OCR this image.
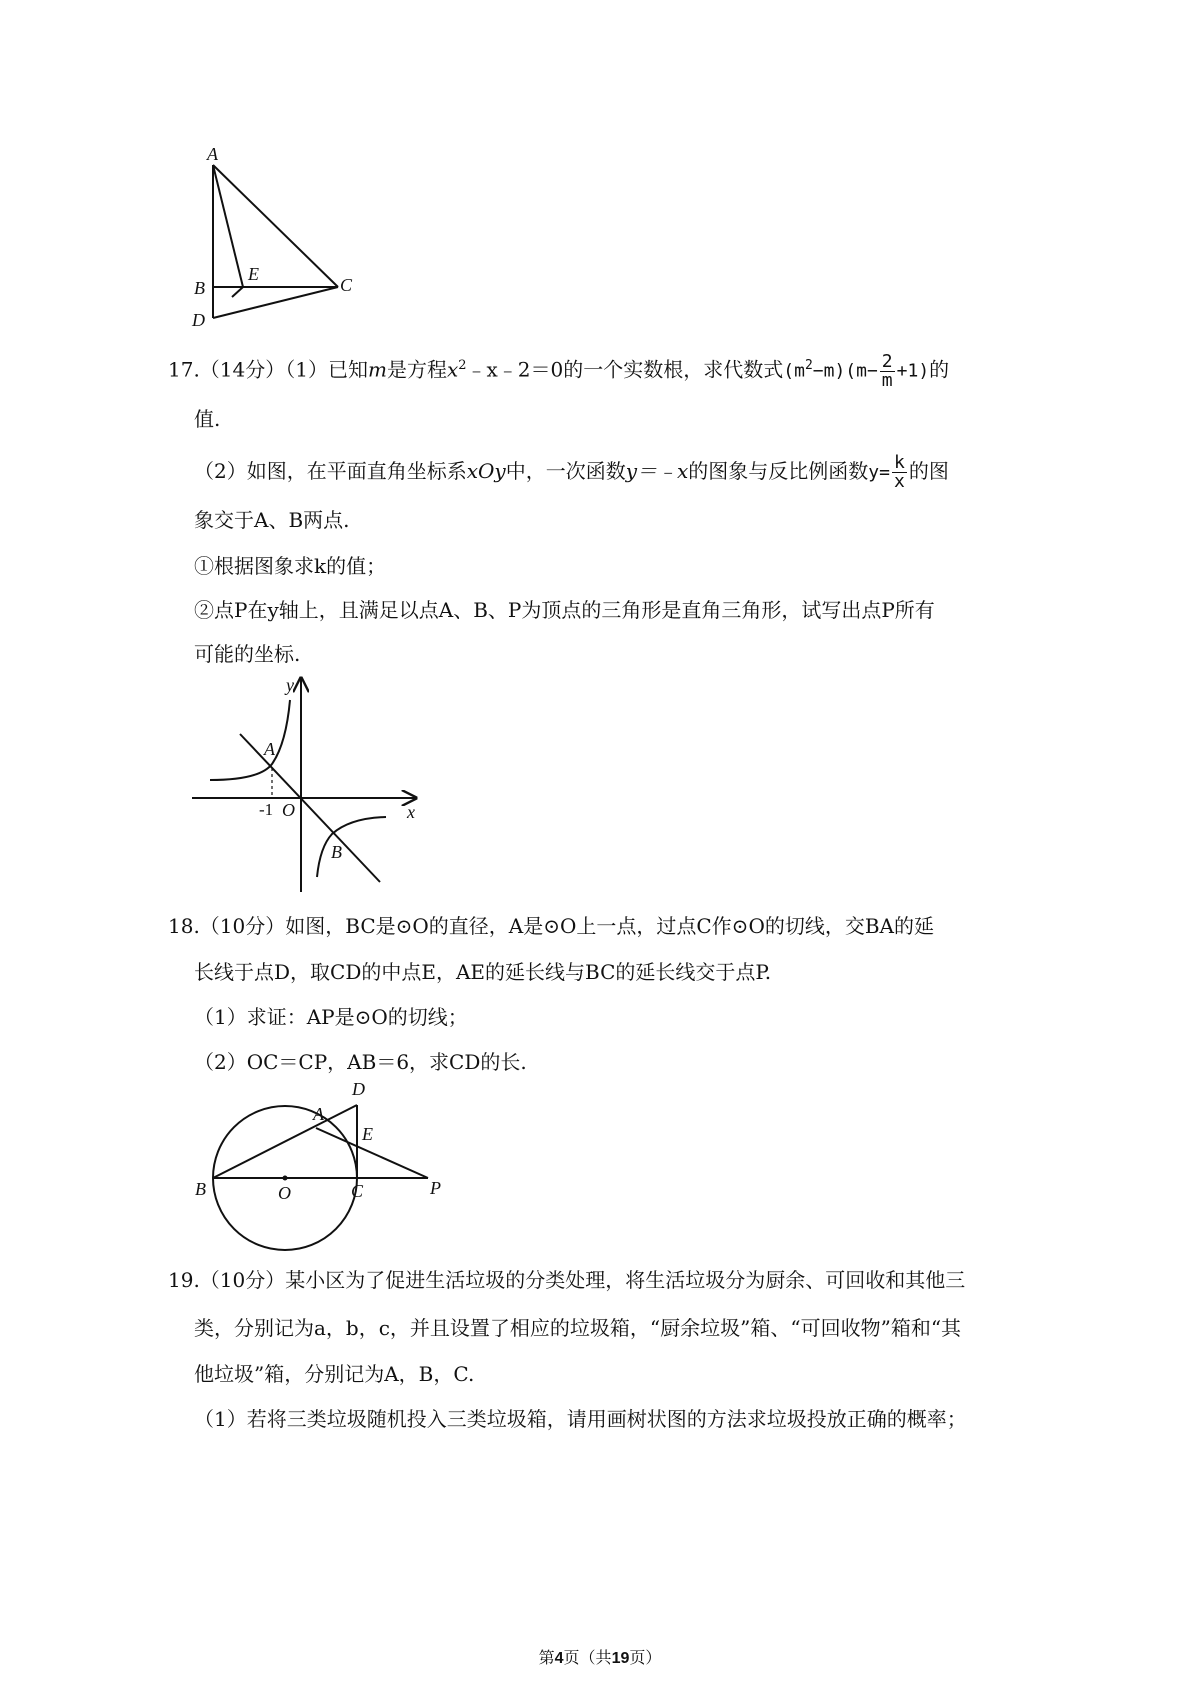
A
B
E
C
D
17.（14分）（1）已知m是方程$x^2﹣x﹣2=0$的一个实数根，求代数式$(m^2-m)(m- \frac{2}{m} +1)$的
值.
（2）如图，在平面直角坐标系xOy中，一次函数y＝﹣x的图象与反比例函数$y= \frac{k}{x}$ 的图
象交于A、B两点.
①根据图象求k的值；
②点P在y轴上，且满足以点A、B、P为顶点的三角形是直角三角形，试写出点P所有
可能的坐标.
y
x
A
O
B
-1
18.（10分）如图，BC是⊙O的直径，A是⊙O上一点，过点C作⊙O的切线，交BA的延
长线于点D，取CD的中点E，AE的延长线与BC的延长线交于点P.
（1）求证：AP是⊙O的切线；
（2）OC＝CP，AB＝6，求CD的长.
B	O	C	P
A
D
E
19.（10分）某小区为了促进生活垃圾的分类处理，将生活垃圾分为厨余、可回收和其他三
类，分别记为a，b，c，并且设置了相应的垃圾箱，“厨余垃圾”箱、“可回收物”箱和“其
他垃圾”箱，分别记为A，B，C.
（1）若将三类垃圾随机投入三类垃圾箱，请用画树状图的方法求垃圾投放正确的概率；
第4页（共19页）
